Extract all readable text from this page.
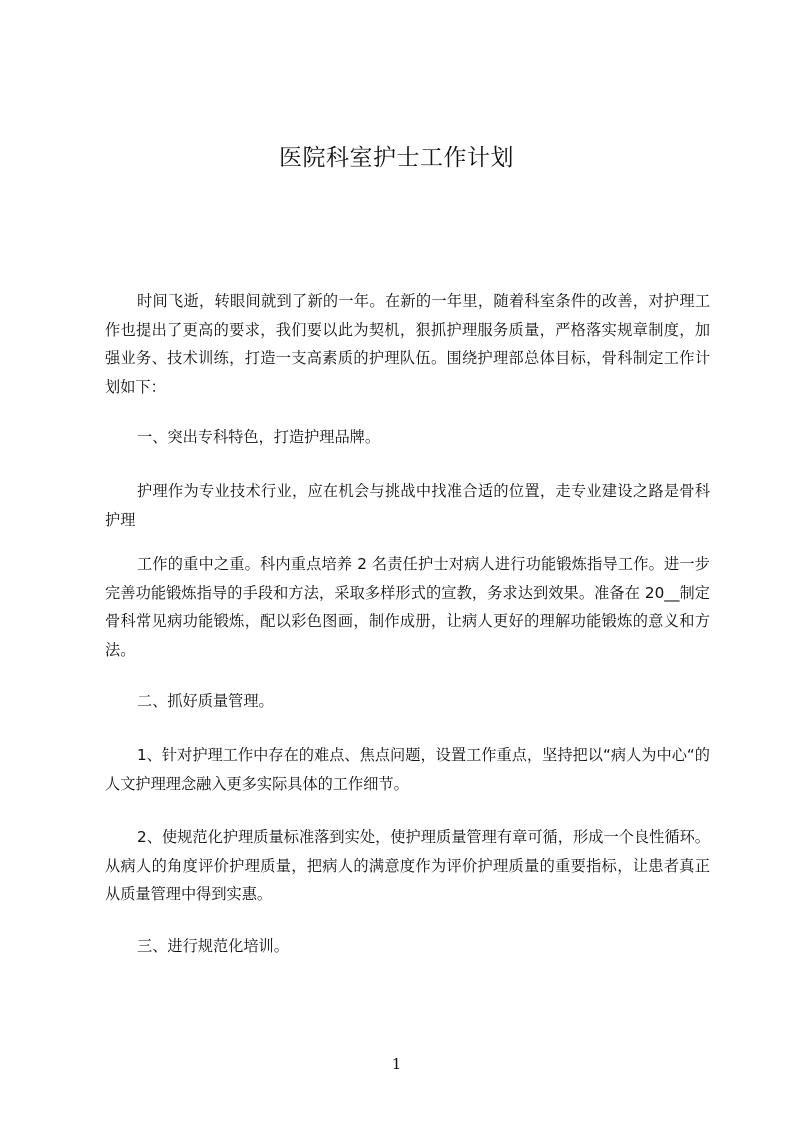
医院科室护士工作计划

时间飞逝，转眼间就到了新的一年。在新的一年里，随着科室条件的改善，对护理工作也提出了更高的要求，我们要以此为契机，狠抓护理服务质量，严格落实规章制度，加强业务、技术训练，打造一支高素质的护理队伍。围绕护理部总体目标，骨科制定工作计划如下：

一、突出专科特色，打造护理品牌。

护理作为专业技术行业，应在机会与挑战中找准合适的位置，走专业建设之路是骨科护理

工作的重中之重。科内重点培养 2 名责任护士对病人进行功能锻炼指导工作。进一步完善功能锻炼指导的手段和方法，采取多样形式的宣教，务求达到效果。准备在 20__制定骨科常见病功能锻炼，配以彩色图画，制作成册，让病人更好的理解功能锻炼的意义和方法。

二、抓好质量管理。

1、针对护理工作中存在的难点、焦点问题，设置工作重点，坚持把以“病人为中心“的人文护理理念融入更多实际具体的工作细节。

2、使规范化护理质量标准落到实处，使护理质量管理有章可循，形成一个良性循环。从病人的角度评价护理质量，把病人的满意度作为评价护理质量的重要指标，让患者真正从质量管理中得到实惠。

三、进行规范化培训。

1
